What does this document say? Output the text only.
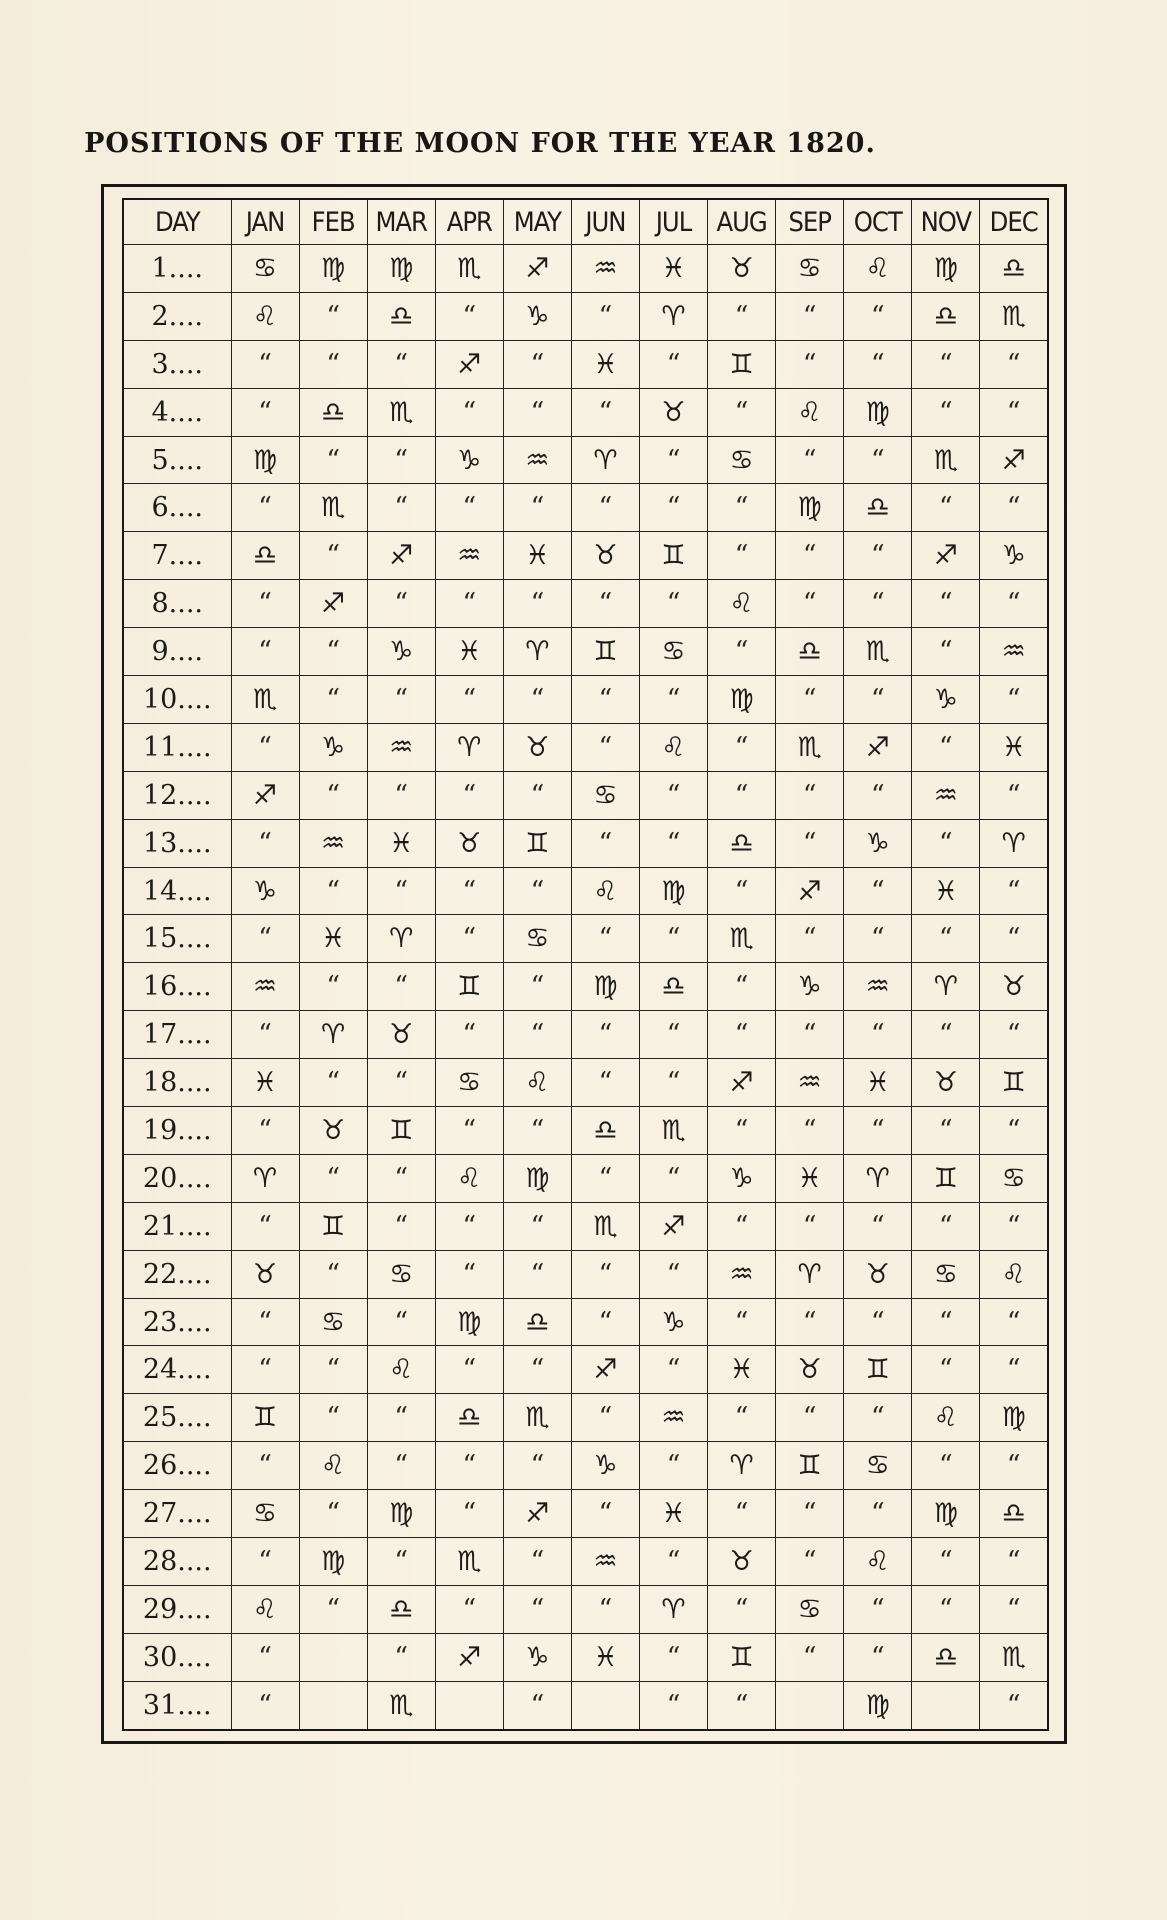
POSITIONS OF THE MOON FOR THE YEAR 1820.
DAY	JAN	FEB	MAR	APR	MAY	JUN	JUL	AUG	SEP	OCT	NOV	DEC
1....	♋	♍	♍	♏	♐	♒	♓	♉	♋	♌	♍	♎
2....	♌	“	♎	“	♑	“	♈	“	“	“	♎	♏
3....	“	“	“	♐	“	♓	“	♊	“	“	“	“
4....	“	♎	♏	“	“	“	♉	“	♌	♍	“	“
5....	♍	“	“	♑	♒	♈	“	♋	“	“	♏	♐
6....	“	♏	“	“	“	“	“	“	♍	♎	“	“
7....	♎	“	♐	♒	♓	♉	♊	“	“	“	♐	♑
8....	“	♐	“	“	“	“	“	♌	“	“	“	“
9....	“	“	♑	♓	♈	♊	♋	“	♎	♏	“	♒
10....	♏	“	“	“	“	“	“	♍	“	“	♑	“
11....	“	♑	♒	♈	♉	“	♌	“	♏	♐	“	♓
12....	♐	“	“	“	“	♋	“	“	“	“	♒	“
13....	“	♒	♓	♉	♊	“	“	♎	“	♑	“	♈
14....	♑	“	“	“	“	♌	♍	“	♐	“	♓	“
15....	“	♓	♈	“	♋	“	“	♏	“	“	“	“
16....	♒	“	“	♊	“	♍	♎	“	♑	♒	♈	♉
17....	“	♈	♉	“	“	“	“	“	“	“	“	“
18....	♓	“	“	♋	♌	“	“	♐	♒	♓	♉	♊
19....	“	♉	♊	“	“	♎	♏	“	“	“	“	“
20....	♈	“	“	♌	♍	“	“	♑	♓	♈	♊	♋
21....	“	♊	“	“	“	♏	♐	“	“	“	“	“
22....	♉	“	♋	“	“	“	“	♒	♈	♉	♋	♌
23....	“	♋	“	♍	♎	“	♑	“	“	“	“	“
24....	“	“	♌	“	“	♐	“	♓	♉	♊	“	“
25....	♊	“	“	♎	♏	“	♒	“	“	“	♌	♍
26....	“	♌	“	“	“	♑	“	♈	♊	♋	“	“
27....	♋	“	♍	“	♐	“	♓	“	“	“	♍	♎
28....	“	♍	“	♏	“	♒	“	♉	“	♌	“	“
29....	♌	“	♎	“	“	“	♈	“	♋	“	“	“
30....	“		“	♐	♑	♓	“	♊	“	“	♎	♏
31....	“		♏		“		“	“		♍		“
